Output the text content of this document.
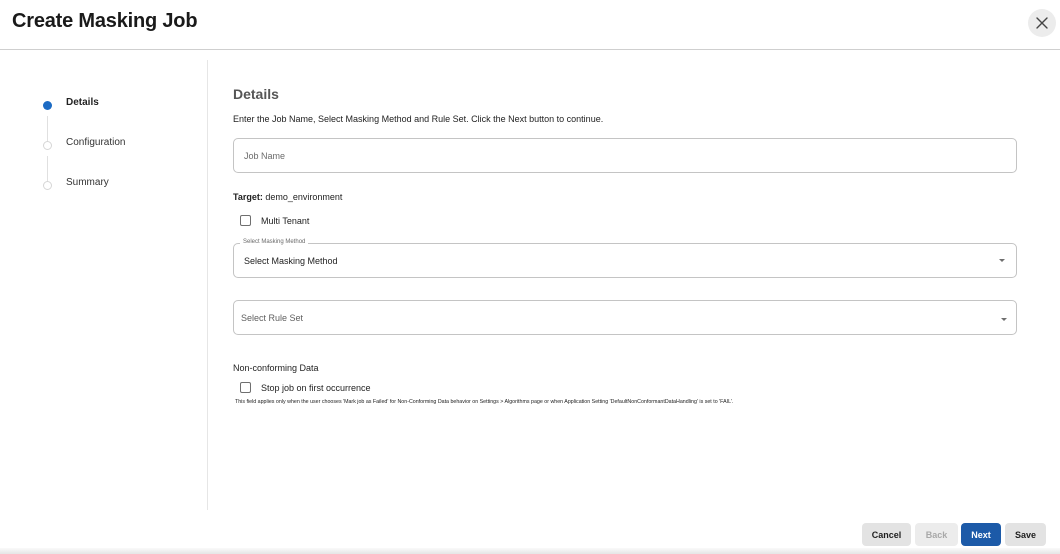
Create Masking Job
Details
Configuration
Summary
Details
Enter the Job Name, Select Masking Method and Rule Set. Click the Next button to continue.
Job Name
Target: demo_environment
Multi Tenant
Select Masking Method
Select Masking Method
Select Rule Set
Non-conforming Data
Stop job on first occurrence
This field applies only when the user chooses 'Mark job as Failed' for Non-Conforming Data behavior on Settings > Algorithms page or when Application Setting 'DefaultNonConformantDataHandling' is set to 'FAIL'.
Cancel	Back	Next	Save
